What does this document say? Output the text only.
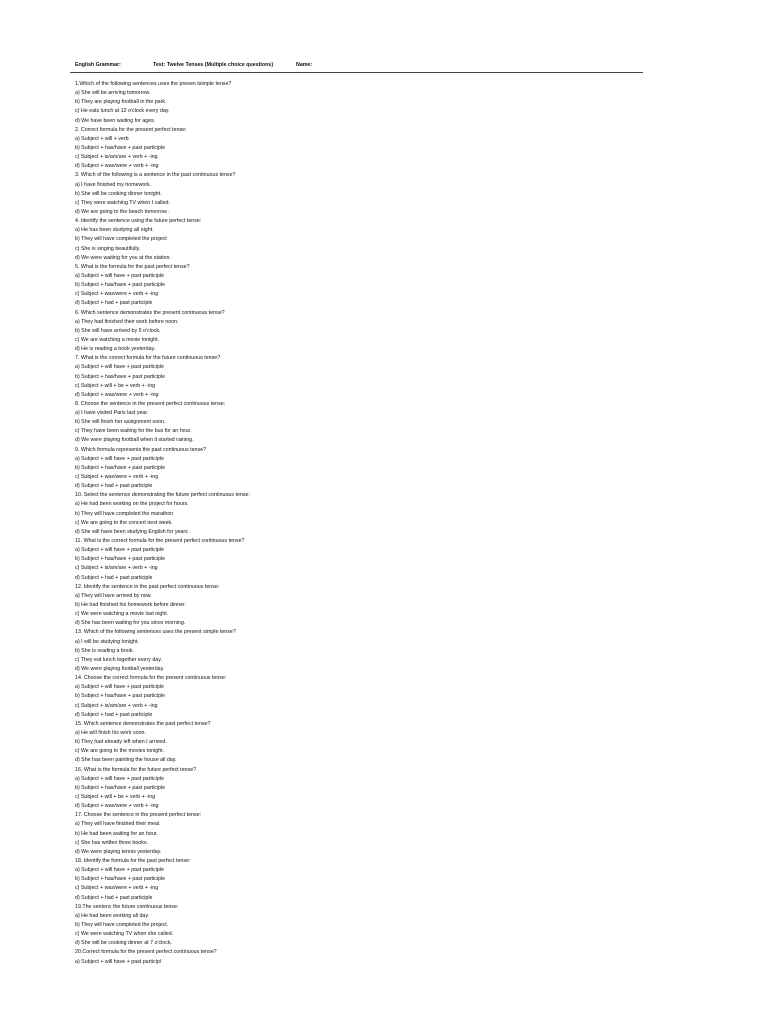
English Grammar:	Test: Twelve Tenses (Multiple choice questions)	Name:
1.Which of the following sentences uses the presen tsimple tense?
a) She will be arriving tomorrow.
b) They are playing football in the park.
c) He eats lunch at 12 o'clock every day.
d) We have been waiting for ages.
2. Correct formula for the present perfect tense:
a) Subject + will + verb
b) Subject + has/have + past participle
c) Subject + is/am/are + verb + -ing
d) Subject + was/were + verb + -ing
3. Which of the following is a sentence in the past continuous tense?
a) I have finished my homework.
b) She will be cooking dinner tonight.
c) They were watching TV when I called.
d) We are going to the beach tomorrow .
4. Identify the sentence using the future perfect tense:
a) He has been studying all night.
b) They will have completed the project
c) She is singing beautifully.
d) We were waiting for you at the station.
5. What is the formula for the past perfect tense?
a) Subject + will have + past participle
b) Subject + has/have + past participle
c) Subject + was/were + verb + -ing
d) Subject + had + past participle
6. Which sentence demonstrates the present continuous tense?
a) They had finished their work before noon.
b) She will have arrived by 5 o'clock.
c) We are watching a movie tonight.
d) He is reading a book yesterday.
7. What is the correct formula for the future continuous tense?
a) Subject + will have + past participle
b) Subject + has/have + past participle
c) Subject + will + be + verb + -ing
d) Subject + was/were + verb + -ing
8. Choose the sentence in the present perfect continuous tense:
a) I have visited Paris last year.
b) She will finish her assignment soon.
c) They have been waiting for the bus for an hour.
d) We were playing football when it started raining.
9. Which formula represents the past continuous tense?
a) Subject + will have + past participle
b) Subject + has/have + past participle
c) Subject + was/were + verb + -ing
d) Subject + had + past participle
10. Select the sentence demonstrating the future perfect continuous tense:
a) He had been working on the project for hours.
b) They will have completed the marathon
c) We are going to the concert next week.
d) She will have been studying English for years .
11. What is the correct formula for the present perfect continuous tense?
a) Subject + will have + past participle
b) Subject + has/have + past participle
c) Subject + is/am/are + verb + -ing
d) Subject + had + past participle
12. Identify the sentence in the past perfect continuous tense:
a) They will have arrived by now.
b) He had finished his homework before dinner.
c) We were watching a movie last night.
d) She has been waiting for you since morning.
13. Which of the following sentences uses the present simple tense?
a) I will be studying tonight.
b) She is reading a book.
c) They eat lunch together every day.
d) We were playing football yesterday.
14. Choose the correct formula for the present continuous tense:
a) Subject + will have + past participle
b) Subject + has/have + past participle
c) Subject + is/am/are + verb + -ing
d) Subject + had + past participle
15. Which sentence demonstrates the past perfect tense?
a) He will finish his work soon.
b) They had already left when I arrived.
c) We are going to the movies tonight.
d) She has been painting the house all day.
16. What is the formula for the future perfect tense?
a) Subject + will have + past participle
b) Subject + has/have + past participle
c) Subject + will + be + verb + -ing
d) Subject + was/were + verb + -ing
17. Choose the sentence in the present perfect tense:
a) They will have finished their meal.
b) He had been waiting for an hour.
c) She has written three books.
d) We were playing tennis yesterday.
18. Identify the formula for the past perfect tense:
a) Subject + will have + past participle
b) Subject + has/have + past participle
c) Subject + was/were + verb + -ing
d) Subject + had + past participle
19.The sentenc the future continuous tense:
a) He had been working all day.
b) They will have completed the project.
c) We were watching TV when she called.
d) She will be cooking dinner at 7 o'clock.
20.Correct formula for the present perfect continuous tense?
a) Subject + will have + past participl
